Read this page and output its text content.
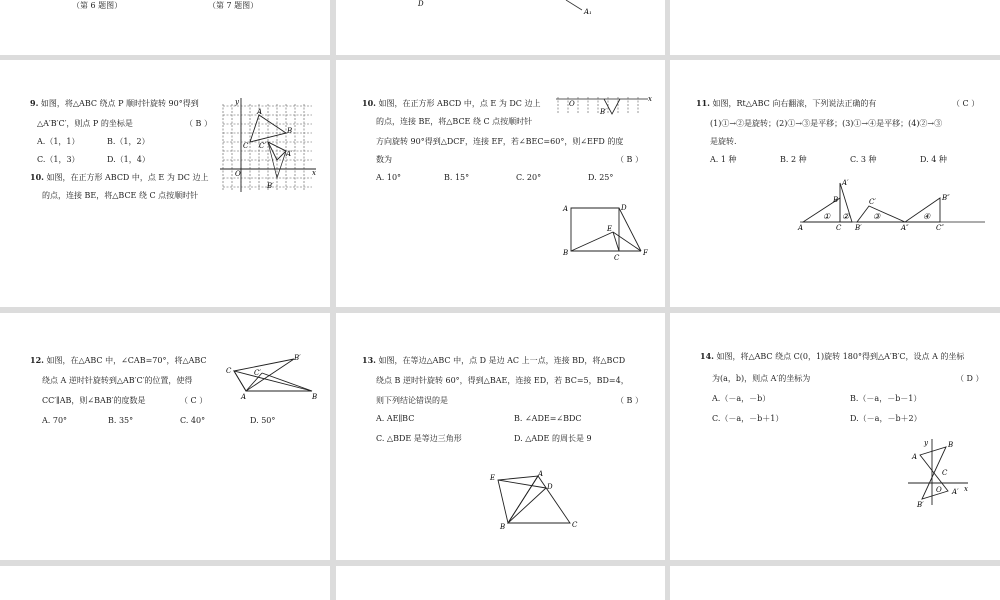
（第 6 题图）	（第 7 题图）	D
A₁
9. 如图，将△ABC 绕点 P 顺时针旋转 90°得到
△A′B′C′，则点 P 的坐标是	（ B ）
A.（1，1）	B.（1，2）
C.（1，3）	D.（1，4）
10. 如图，在正方形 ABCD 中，点 E 为 DC 边上
的点，连接 BE，将△BCE 绕 C 点按顺时针
y
A
B
C C′
A′
O	x
B′
10. 如图，在正方形 ABCD 中，点 E 为 DC 边上
的点，连接 BE，将△BCE 绕 C 点按顺时针
方向旋转 90°得到△DCF，连接 EF，若∠BEC=60°，则∠EFD 的度
数为	（ B ）
A. 10°	B. 15°	C. 20°	D. 25°
O
B′
x
A	D
E
B
C
F
11. 如图，Rt△ABC 向右翻滚，下列说法正确的有	（ C ）
(1)①→②是旋转；(2)①→③是平移；(3)①→④是平移；(4)②→③
是旋转.
A. 1 种	B. 2 种	C. 3 种	D. 4 种
A
B
C
A′
C′
B′	A″
B″
C″
① ②	③	④
12. 如图，在△ABC 中，∠CAB=70°，将△ABC
绕点 A 逆时针旋转到△AB′C′的位置，使得
CC′∥AB，则∠BAB′的度数是	（ C ）
A. 70°	B. 35°	C. 40°	D. 50°
C
B′
C′
A	B
13. 如图，在等边△ABC 中，点 D 是边 AC 上一点，连接 BD，将△BCD
绕点 B 逆时针旋转 60°，得到△BAE，连接 ED，若 BC=5，BD=4，
则下列结论错误的是	（ B ）
A. AE∥BC	B. ∠ADE=∠BDC
C. △BDE 是等边三角形	D. △ADE 的周长是 9
E	A
D
B	C
14. 如图，将△ABC 绕点 C(0，1)旋转 180°得到△A′B′C，设点 A 的坐标
为(a，b)，则点 A′的坐标为	（ D ）
A.（－a，－b）	B.（－a，－b－1）
C.（－a，－b＋1）	D.（－a，－b＋2）
y	B
A
C
O A′ x
B′
